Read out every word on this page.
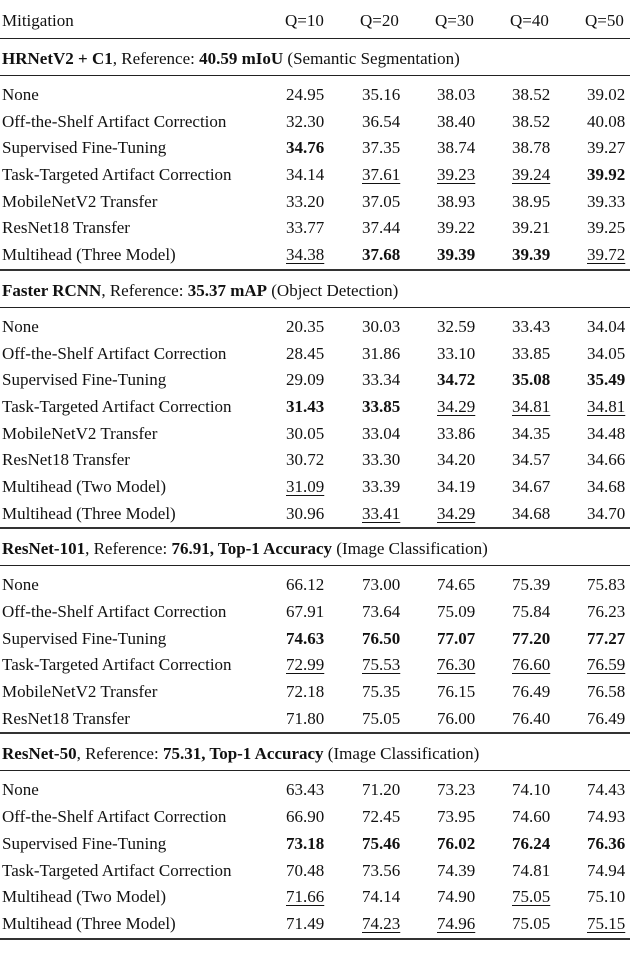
Mitigation	Q=10 Q=20 Q=30 Q=40 Q=50
HRNetV2 + C1, Reference: 40.59 mIoU (Semantic Segmentation)
None	24.95 35.16 38.03 38.52 39.02
Off-the-Shelf Artifact Correction	32.30 36.54 38.40 38.52 40.08
Supervised Fine-Tuning	34.76 37.35 38.74 38.78 39.27
Task-Targeted Artifact Correction	34.14 37.61 39.23 39.24 39.92
MobileNetV2 Transfer	33.20 37.05 38.93 38.95 39.33
ResNet18 Transfer	33.77 37.44 39.22 39.21 39.25
Multihead (Three Model)	34.38 37.68 39.39 39.39 39.72
Faster RCNN, Reference: 35.37 mAP (Object Detection)
None	20.35 30.03 32.59 33.43 34.04
Off-the-Shelf Artifact Correction	28.45 31.86 33.10 33.85 34.05
Supervised Fine-Tuning	29.09 33.34 34.72 35.08 35.49
Task-Targeted Artifact Correction	31.43 33.85 34.29 34.81 34.81
MobileNetV2 Transfer	30.05 33.04 33.86 34.35 34.48
ResNet18 Transfer	30.72 33.30 34.20 34.57 34.66
Multihead (Two Model)	31.09 33.39 34.19 34.67 34.68
Multihead (Three Model)	30.96 33.41 34.29 34.68 34.70
ResNet-101, Reference: 76.91, Top-1 Accuracy (Image Classification)
None	66.12 73.00 74.65 75.39 75.83
Off-the-Shelf Artifact Correction	67.91 73.64 75.09 75.84 76.23
Supervised Fine-Tuning	74.63 76.50 77.07 77.20 77.27
Task-Targeted Artifact Correction	72.99 75.53 76.30 76.60 76.59
MobileNetV2 Transfer	72.18 75.35 76.15 76.49 76.58
ResNet18 Transfer	71.80 75.05 76.00 76.40 76.49
ResNet-50, Reference: 75.31, Top-1 Accuracy (Image Classification)
None	63.43 71.20 73.23 74.10 74.43
Off-the-Shelf Artifact Correction	66.90 72.45 73.95 74.60 74.93
Supervised Fine-Tuning	73.18 75.46 76.02 76.24 76.36
Task-Targeted Artifact Correction	70.48 73.56 74.39 74.81 74.94
Multihead (Two Model)	71.66 74.14 74.90 75.05 75.10
Multihead (Three Model)	71.49 74.23 74.96 75.05 75.15
